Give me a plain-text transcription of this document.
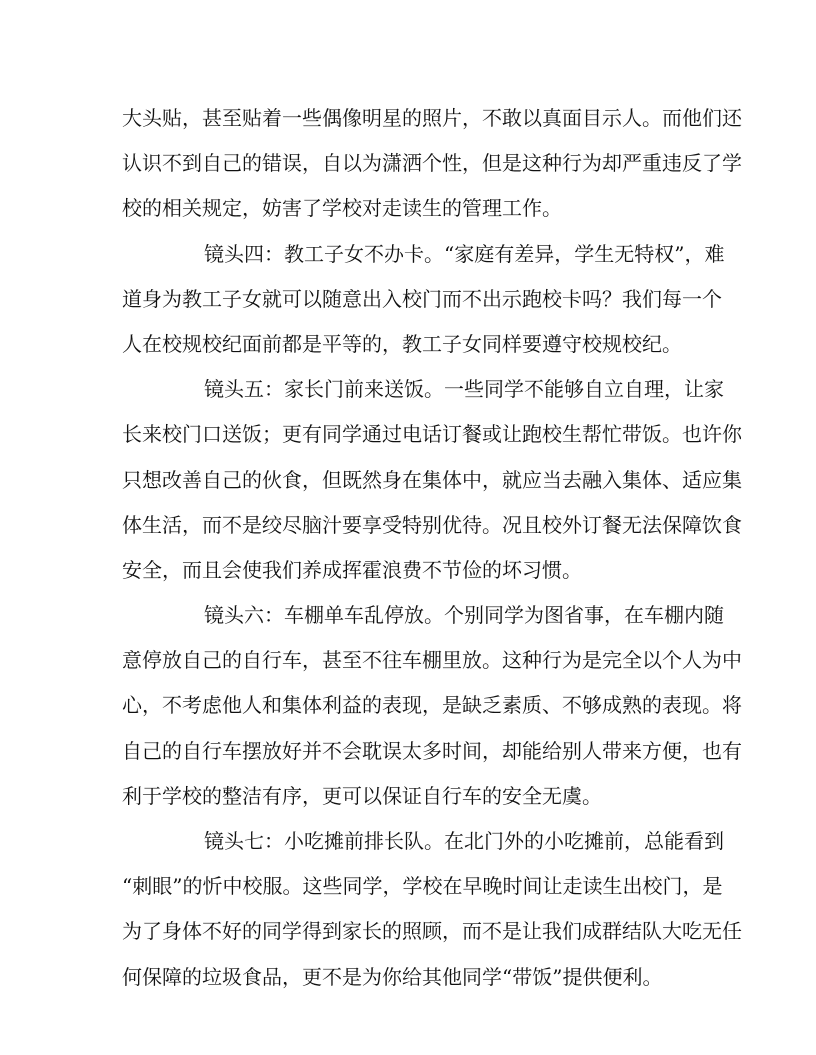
大 头 贴 ， 甚 至 贴 着 一 些 偶 像 明 星 的 照 片 ， 不 敢 以 真 面 目 示 人 。 而 他 们 还
认 识 不 到 自 己 的 错 误 ， 自 以 为 潇 洒 个 性 ， 但 是 这 种 行 为 却 严 重 违 反 了 学
校的相关规定，妨害了学校对走读生的管理工作。
镜 头 四 ： 教 工 子 女 不 办 卡 。 “ 家 庭 有 差 异 ， 学 生 无 特 权 ” ， 难
道 身 为 教 工 子 女 就 可 以 随 意 出 入 校 门 而 不 出 示 跑 校 卡 吗 ？ 我 们 每 一 个
人在校规校纪面前都是平等的，教工子女同样要遵守校规校纪。
镜 头 五 ： 家 长 门 前 来 送 饭 。 一 些 同 学 不 能 够 自 立 自 理 ， 让 家
长 来 校 门 口 送 饭 ； 更 有 同 学 通 过 电 话 订 餐 或 让 跑 校 生 帮 忙 带 饭 。 也 许 你
只 想 改 善 自 己 的 伙 食 ， 但 既 然 身 在 集 体 中 ， 就 应 当 去 融 入 集 体 、 适 应 集
体 生 活 ， 而 不 是 绞 尽 脑 汁 要 享 受 特 别 优 待 。 况 且 校 外 订 餐 无 法 保 障 饮 食
安全，而且会使我们养成挥霍浪费不节俭的坏习惯。
镜 头 六 ： 车 棚 单 车 乱 停 放 。 个 别 同 学 为 图 省 事 ， 在 车 棚 内 随
意 停 放 自 己 的 自 行 车 ， 甚 至 不 往 车 棚 里 放 。 这 种 行 为 是 完 全 以 个 人 为 中
心 ， 不 考 虑 他 人 和 集 体 利 益 的 表 现 ， 是 缺 乏 素 质 、 不 够 成 熟 的 表 现 。 将
自 己 的 自 行 车 摆 放 好 并 不 会 耽 误 太 多 时 间 ， 却 能 给 别 人 带 来 方 便 ， 也 有
利于学校的整洁有序，更可以保证自行车的安全无虞。
镜 头 七 ： 小 吃 摊 前 排 长 队 。 在 北 门 外 的 小 吃 摊 前 ， 总 能 看 到
“ 刺 眼 ” 的 忻 中 校 服 。 这 些 同 学 ， 学 校 在 早 晚 时 间 让 走 读 生 出 校 门 ， 是
为 了 身 体 不 好 的 同 学 得 到 家 长 的 照 顾 ， 而 不 是 让 我 们 成 群 结 队 大 吃 无 任
何保障的垃圾食品，更不是为你给其他同学“带饭”提供便利。
